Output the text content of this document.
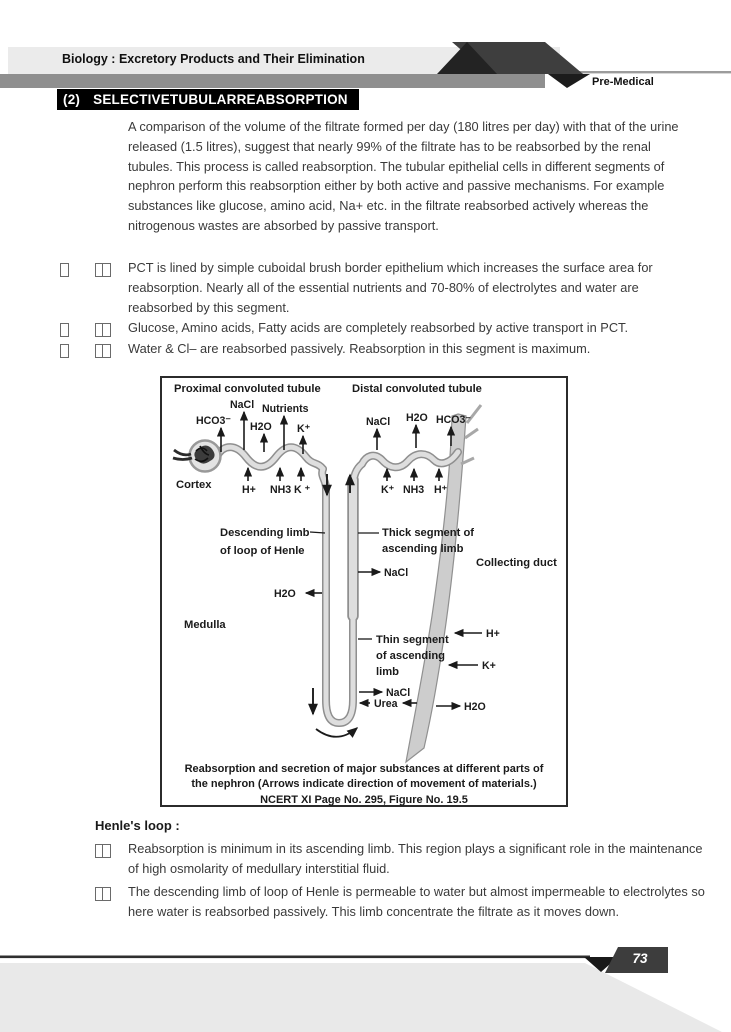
Biology : Excretory Products and Their Elimination
Pre-Medical
(2) SELECTIVETUBULARREABSORPTION
A comparison of the volume of the filtrate formed per day (180 litres per day) with that of the urine released (1.5 litres), suggest that nearly 99% of the filtrate has to be reabsorbed by the renal tubules. This process is called reabsorption. The tubular epithelial cells in different segments of nephron perform this reabsorption either by both active and passive mechanisms. For example substances like glucose, amino acid, Na+ etc. in the filtrate reabsorbed actively whereas the nitrogenous wastes are absorbed by passive transport.
PCT is lined by simple cuboidal brush border epithelium which increases the surface area for reabsorption. Nearly all of the essential nutrients and 70-80% of electrolytes and water are reabsorbed by this segment.
Glucose, Amino acids, Fatty acids are completely reabsorbed by active transport in PCT.
Water & Cl– are reabsorbed passively. Reabsorption in this segment is maximum.
Proximal convoluted tubule	Distal convoluted tubule
Cortex
Medulla
Descending limb
of loop of Henle
Thick segment of
ascending limb
Collecting duct
Thin segment
of ascending
limb
HCO3⁻
NaCl
H2O
Nutrients
K⁺
H+ NH3 K ⁺
NaCl H2O HCO3⁻
K⁺ NH3 H⁺
NaCl
H2O
NaCl
Urea
H+
K+
H2O
Reabsorption and secretion of major substances at different parts of
the nephron (Arrows indicate direction of movement of materials.)
NCERT XI Page No. 295, Figure No. 19.5
Henle's loop :
Reabsorption is minimum in its ascending limb. This region plays a significant role in the maintenance of high osmolarity of medullary interstitial fluid.
The descending limb of loop of Henle is permeable to water but almost impermeable to electrolytes so here water is reabsorbed passively. This limb concentrate the filtrate as it moves down.
73
